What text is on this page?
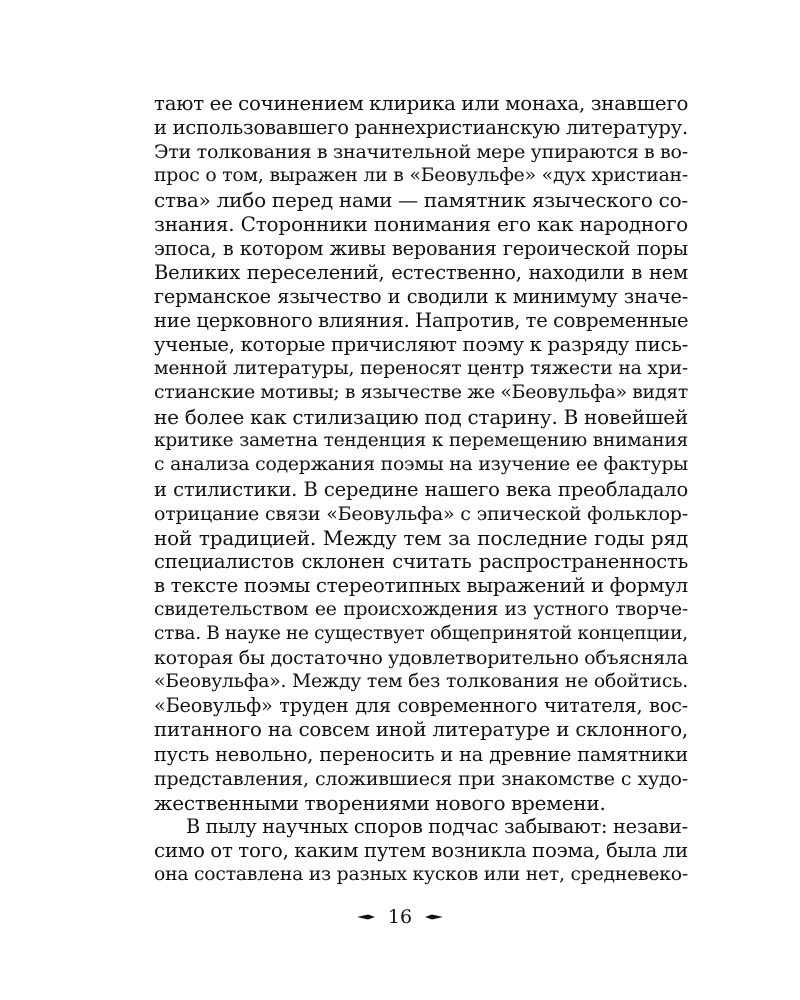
тают ее сочинением клирика или монаха, знавшего
и использовавшего раннехристианскую литературу.
Эти толкования в значительной мере упираются в во-
прос о том, выражен ли в «Беовульфе» «дух христиан-
ства» либо перед нами — памятник языческого со-
знания. Сторонники понимания его как народного
эпоса, в котором живы верования героической поры
Великих переселений, естественно, находили в нем
германское язычество и сводили к минимуму значе-
ние церковного влияния. Напротив, те современные
ученые, которые причисляют поэму к разряду пись-
менной литературы, переносят центр тяжести на хри-
стианские мотивы; в язычестве же «Беовульфа» видят
не более как стилизацию под старину. В новейшей
критике заметна тенденция к перемещению внимания
с анализа содержания поэмы на изучение ее фактуры
и стилистики. В середине нашего века преобладало
отрицание связи «Беовульфа» с эпической фольклор-
ной традицией. Между тем за последние годы ряд
специалистов склонен считать распространенность
в тексте поэмы стереотипных выражений и формул
свидетельством ее происхождения из устного творче-
ства. В науке не существует общепринятой концепции,
которая бы достаточно удовлетворительно объясняла
«Беовульфа». Между тем без толкования не обойтись.
«Беовульф» труден для современного читателя, вос-
питанного на совсем иной литературе и склонного,
пусть невольно, переносить и на древние памятники
представления, сложившиеся при знакомстве с худо-
жественными творениями нового времени.
В пылу научных споров подчас забывают: незави-
симо от того, каким путем возникла поэма, была ли
она составлена из разных кусков или нет, средневеко-
16
